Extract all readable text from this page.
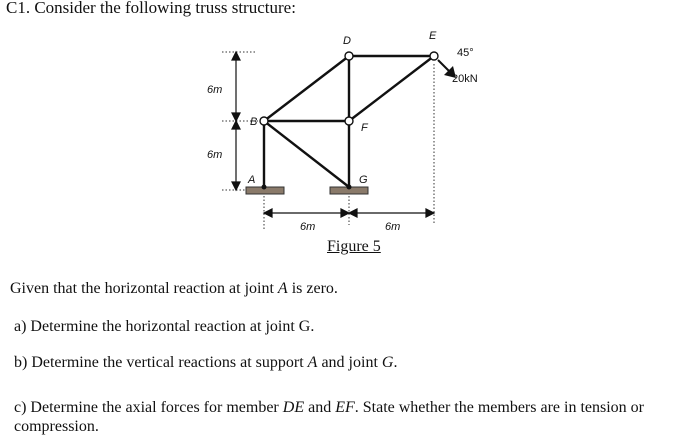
C1. Consider the following truss structure:
D	E
B	F
A	G
6m
6m
6m	6m
45°
20kN
Figure 5
Given that the horizontal reaction at joint A is zero.
a) Determine the horizontal reaction at joint G.
b) Determine the vertical reactions at support A and joint G.
c) Determine the axial forces for member DE and EF. State whether the members are in tension or compression.
